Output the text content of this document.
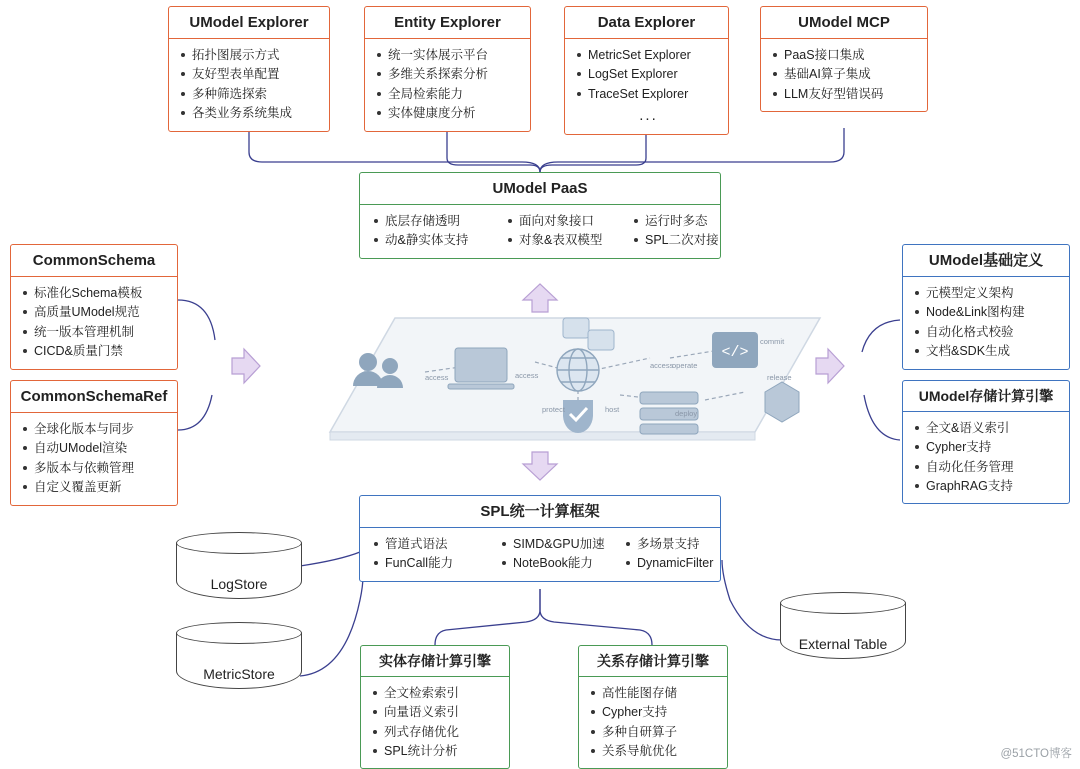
</>
access	access
protect	host
access
operate
deploy
commit
release
UModel Explorer
拓扑图展示方式
友好型表单配置
多种筛选探索
各类业务系统集成
Entity Explorer
统一实体展示平台
多维关系探索分析
全局检索能力
实体健康度分析
Data Explorer
MetricSet Explorer
LogSet Explorer
TraceSet Explorer
...
UModel MCP
PaaS接口集成
基础AI算子集成
LLM友好型错误码
UModel PaaS
底层存储透明
动&静实体支持
面向对象接口
对象&表双模型
运行时多态
SPL二次对接
CommonSchema
标准化Schema模板
高质量UModel规范
统一版本管理机制
CICD&质量门禁
CommonSchemaRef
全球化版本与同步
自动UModel渲染
多版本与依赖管理
自定义覆盖更新
UModel基础定义
元模型定义架构
Node&Link图构建
自动化格式校验
文档&SDK生成
UModel存储计算引擎
全文&语义索引
Cypher支持
自动化任务管理
GraphRAG支持
SPL统一计算框架
管道式语法
FunCall能力
SIMD&GPU加速
NoteBook能力
多场景支持
DynamicFilter
实体存储计算引擎
全文检索索引
向量语义索引
列式存储优化
SPL统计分析
关系存储计算引擎
高性能图存储
Cypher支持
多种自研算子
关系导航优化
LogStore
MetricStore
External Table
@51CTO博客
